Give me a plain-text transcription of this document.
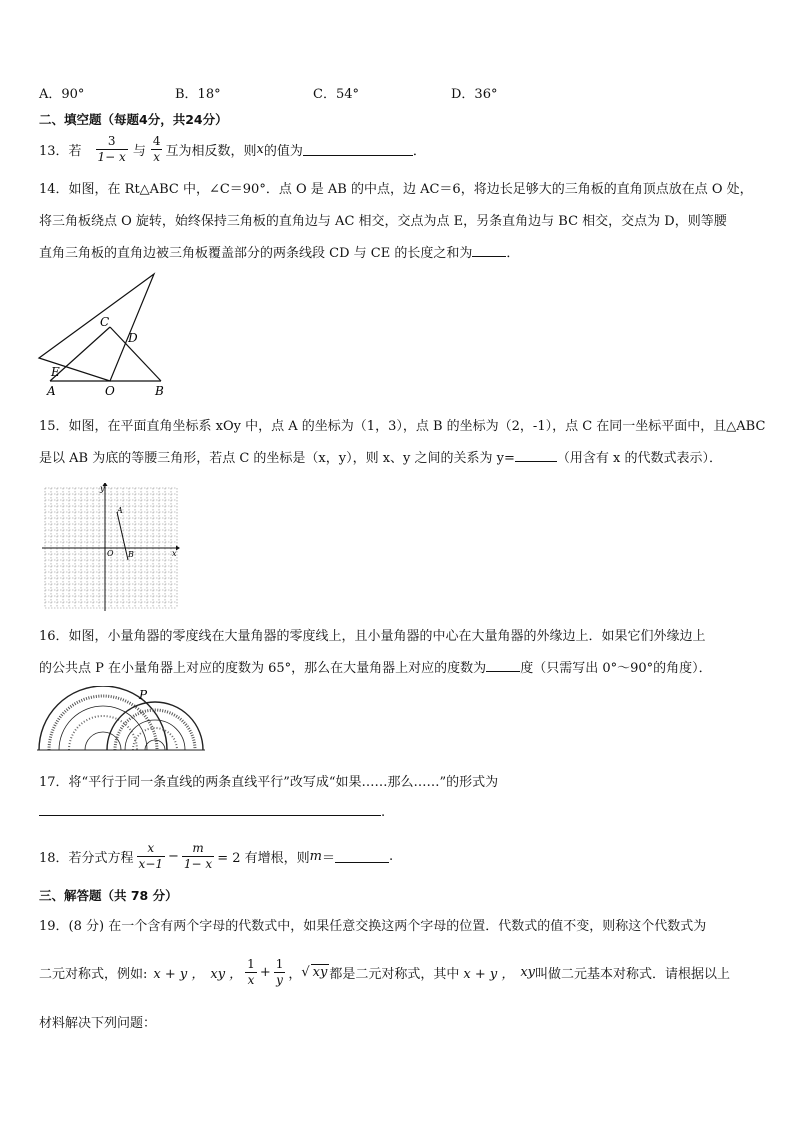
A．90°	B．18°	C．54°	D．36°
二、填空题（每题4分，共24分）
13．若 $\frac{3}{1- x}$ 与 $\frac{4}{x}$ 互为相反数，则 x 的值为	．
14．如图，在 Rt△ABC 中，∠C＝90°．点 O 是 AB 的中点，边 AC＝6，将边长足够大的三角板的直角顶点放在点 O 处，
将三角板绕点 O 旋转，始终保持三角板的直角边与 AC 相交，交点为点 E，另条直角边与 BC 相交，交点为 D，则等腰
直角三角板的直角边被三角板覆盖部分的两条线段 CD 与 CE 的长度之和为	．
C
D
E
A	O	B
15．如图，在平面直角坐标系 xOy 中，点 A 的坐标为（1，3），点 B 的坐标为（2，-1），点 C 在同一坐标平面中，且△ABC
是以 AB 为底的等腰三角形，若点 C 的坐标是（x，y），则 x、y 之间的关系为 y=	（用含有 x 的代数式表示）．
y
x
A
O B
16．如图，小量角器的零度线在大量角器的零度线上，且小量角器的中心在大量角器的外缘边上．如果它们外缘边上
的公共点 P 在小量角器上对应的度数为 65°，那么在大量角器上对应的度数为	度（只需写出 0°～90°的角度）．
P
17．将“平行于同一条直线的两条直线平行”改写成“如果……那么……”的形式为
.
18．若分式方程 $\frac{x}{x-1} - \frac{m}{1- x} = 2$ 有增根，则 m ＝	.
三、解答题（共 78 分）
19．(8 分) 在一个含有两个字母的代数式中，如果任意交换这两个字母的位置．代数式的值不变，则称这个代数式为
二元对称式，例如: x + y ， xy ， $\frac{1}{x} + \frac{1}{y}$ ， √ xy 都是二元对称式，其中 x + y ， xy 叫做二元基本对称式．请根据以上
材料解决下列问题：
